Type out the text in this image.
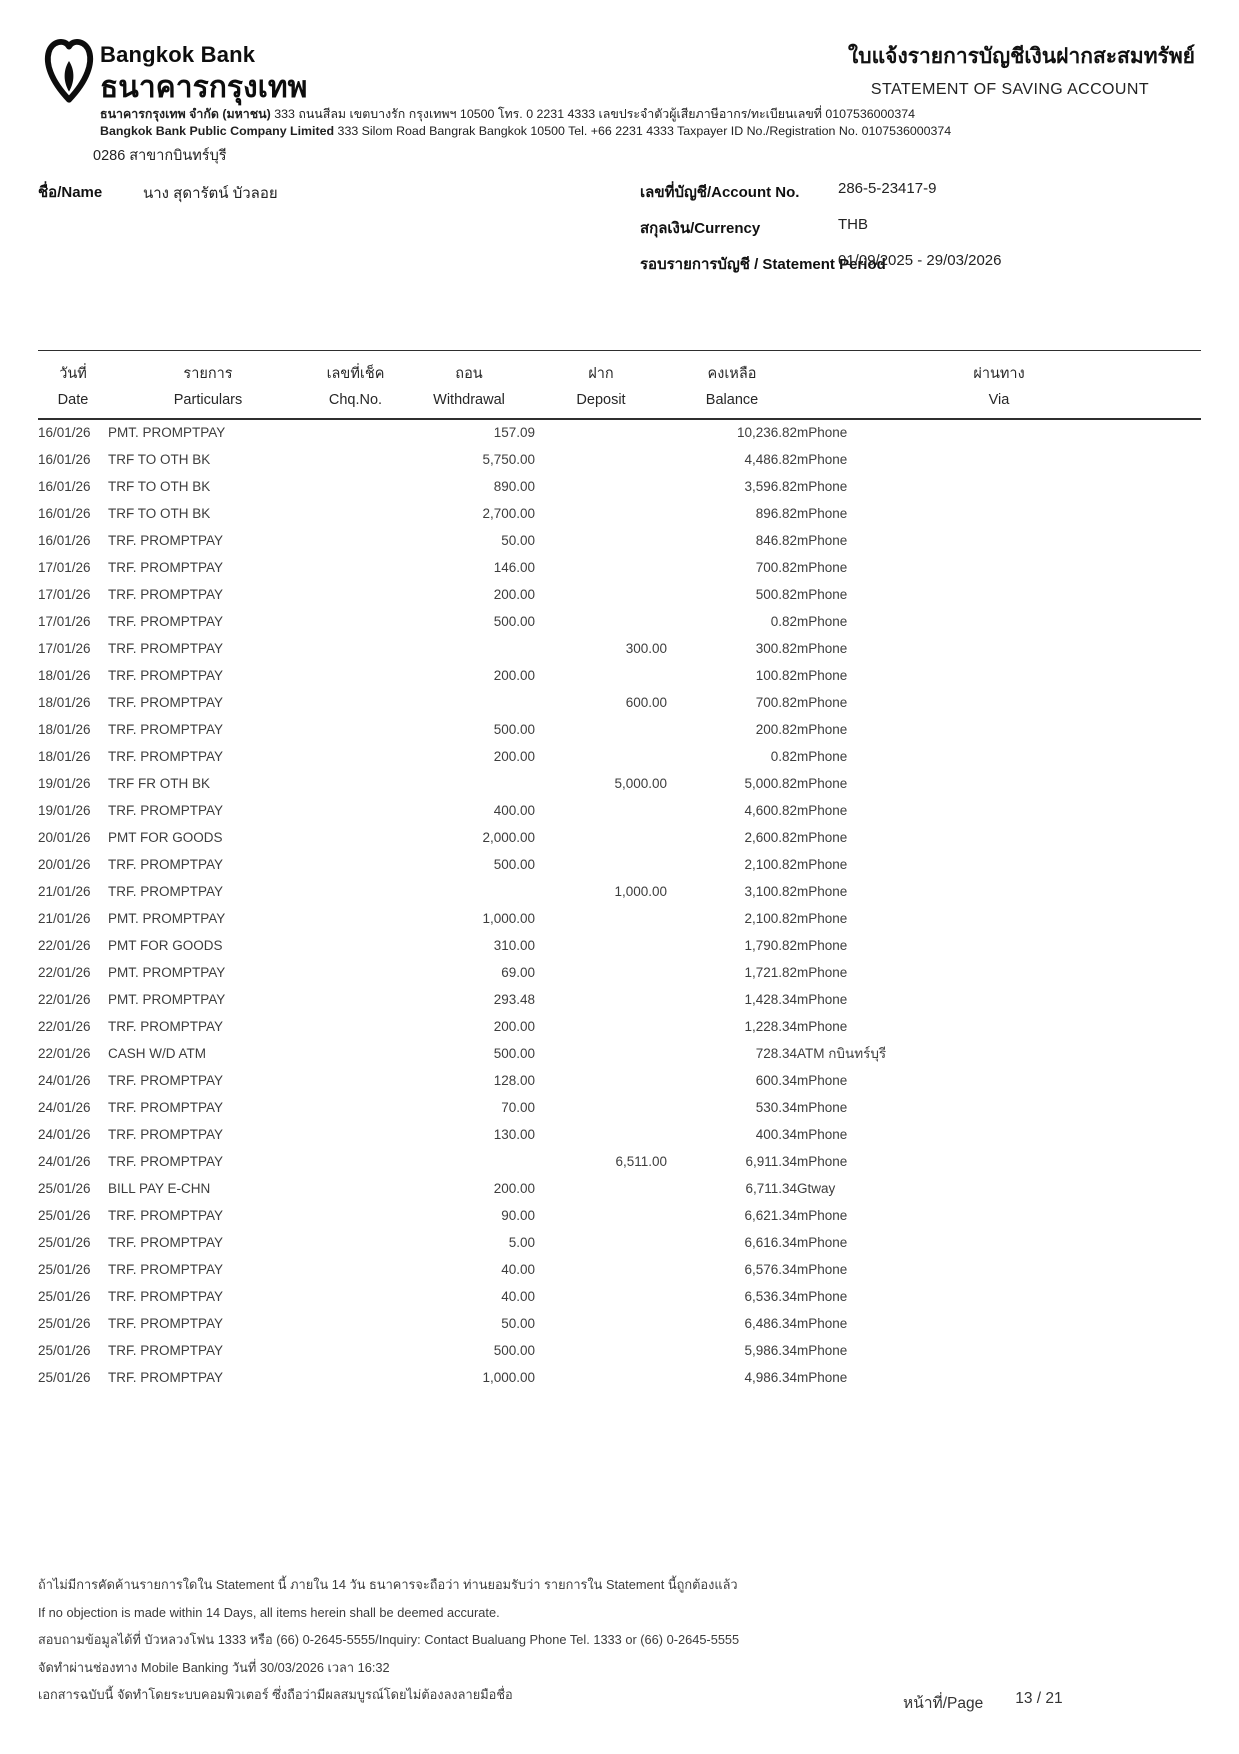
Bangkok Bank
ธนาคารกรุงเทพ
ใบแจ้งรายการบัญชีเงินฝากสะสมทรัพย์
STATEMENT OF SAVING ACCOUNT
ธนาคารกรุงเทพ จำกัด (มหาชน) 333 ถนนสีลม เขตบางรัก กรุงเทพฯ 10500 โทร. 0 2231 4333 เลขประจำตัวผู้เสียภาษีอากร/ทะเบียนเลขที่ 0107536000374
Bangkok Bank Public Company Limited 333 Silom Road Bangrak Bangkok 10500 Tel. +66 2231 4333 Taxpayer ID No./Registration No. 0107536000374
0286 สาขากบินทร์บุรี
ชื่อ/Name	นาง สุดารัตน์ บัวลอย	เลขที่บัญชี/Account No.	286-5-23417-9
สกุลเงิน/Currency	THB
รอบรายการบัญชี / Statement Period
01/09/2025 - 29/03/2026
วันที่	รายการ	เลขที่เช็ค	ถอน	ฝาก	คงเหลือ	ผ่านทาง
Date	Particulars	Chq.No.	Withdrawal	Deposit	Balance	Via
16/01/26	PMT. PROMPTPAY		157.09		10,236.82	mPhone
16/01/26	TRF TO OTH BK		5,750.00		4,486.82	mPhone
16/01/26	TRF TO OTH BK		890.00		3,596.82	mPhone
16/01/26	TRF TO OTH BK		2,700.00		896.82	mPhone
16/01/26	TRF. PROMPTPAY		50.00		846.82	mPhone
17/01/26	TRF. PROMPTPAY		146.00		700.82	mPhone
17/01/26	TRF. PROMPTPAY		200.00		500.82	mPhone
17/01/26	TRF. PROMPTPAY		500.00		0.82	mPhone
17/01/26	TRF. PROMPTPAY			300.00	300.82	mPhone
18/01/26	TRF. PROMPTPAY		200.00		100.82	mPhone
18/01/26	TRF. PROMPTPAY			600.00	700.82	mPhone
18/01/26	TRF. PROMPTPAY		500.00		200.82	mPhone
18/01/26	TRF. PROMPTPAY		200.00		0.82	mPhone
19/01/26	TRF FR OTH BK			5,000.00	5,000.82	mPhone
19/01/26	TRF. PROMPTPAY		400.00		4,600.82	mPhone
20/01/26	PMT FOR GOODS		2,000.00		2,600.82	mPhone
20/01/26	TRF. PROMPTPAY		500.00		2,100.82	mPhone
21/01/26	TRF. PROMPTPAY			1,000.00	3,100.82	mPhone
21/01/26	PMT. PROMPTPAY		1,000.00		2,100.82	mPhone
22/01/26	PMT FOR GOODS		310.00		1,790.82	mPhone
22/01/26	PMT. PROMPTPAY		69.00		1,721.82	mPhone
22/01/26	PMT. PROMPTPAY		293.48		1,428.34	mPhone
22/01/26	TRF. PROMPTPAY		200.00		1,228.34	mPhone
22/01/26	CASH W/D ATM		500.00		728.34	ATM กบินทร์บุรี
24/01/26	TRF. PROMPTPAY		128.00		600.34	mPhone
24/01/26	TRF. PROMPTPAY		70.00		530.34	mPhone
24/01/26	TRF. PROMPTPAY		130.00		400.34	mPhone
24/01/26	TRF. PROMPTPAY			6,511.00	6,911.34	mPhone
25/01/26	BILL PAY E-CHN		200.00		6,711.34	Gtway
25/01/26	TRF. PROMPTPAY		90.00		6,621.34	mPhone
25/01/26	TRF. PROMPTPAY		5.00		6,616.34	mPhone
25/01/26	TRF. PROMPTPAY		40.00		6,576.34	mPhone
25/01/26	TRF. PROMPTPAY		40.00		6,536.34	mPhone
25/01/26	TRF. PROMPTPAY		50.00		6,486.34	mPhone
25/01/26	TRF. PROMPTPAY		500.00		5,986.34	mPhone
25/01/26	TRF. PROMPTPAY		1,000.00		4,986.34	mPhone
ถ้าไม่มีการคัดค้านรายการใดใน Statement นี้ ภายใน 14 วัน ธนาคารจะถือว่า ท่านยอมรับว่า รายการใน Statement นี้ถูกต้องแล้ว
If no objection is made within 14 Days, all items herein shall be deemed accurate.
สอบถามข้อมูลได้ที่ บัวหลวงโฟน 1333 หรือ (66) 0-2645-5555/Inquiry: Contact Bualuang Phone Tel. 1333 or (66) 0-2645-5555
จัดทำผ่านช่องทาง Mobile Banking วันที่ 30/03/2026 เวลา 16:32
เอกสารฉบับนี้ จัดทำโดยระบบคอมพิวเตอร์ ซึ่งถือว่ามีผลสมบูรณ์โดยไม่ต้องลงลายมือชื่อ
หน้าที่/Page 13 / 21
